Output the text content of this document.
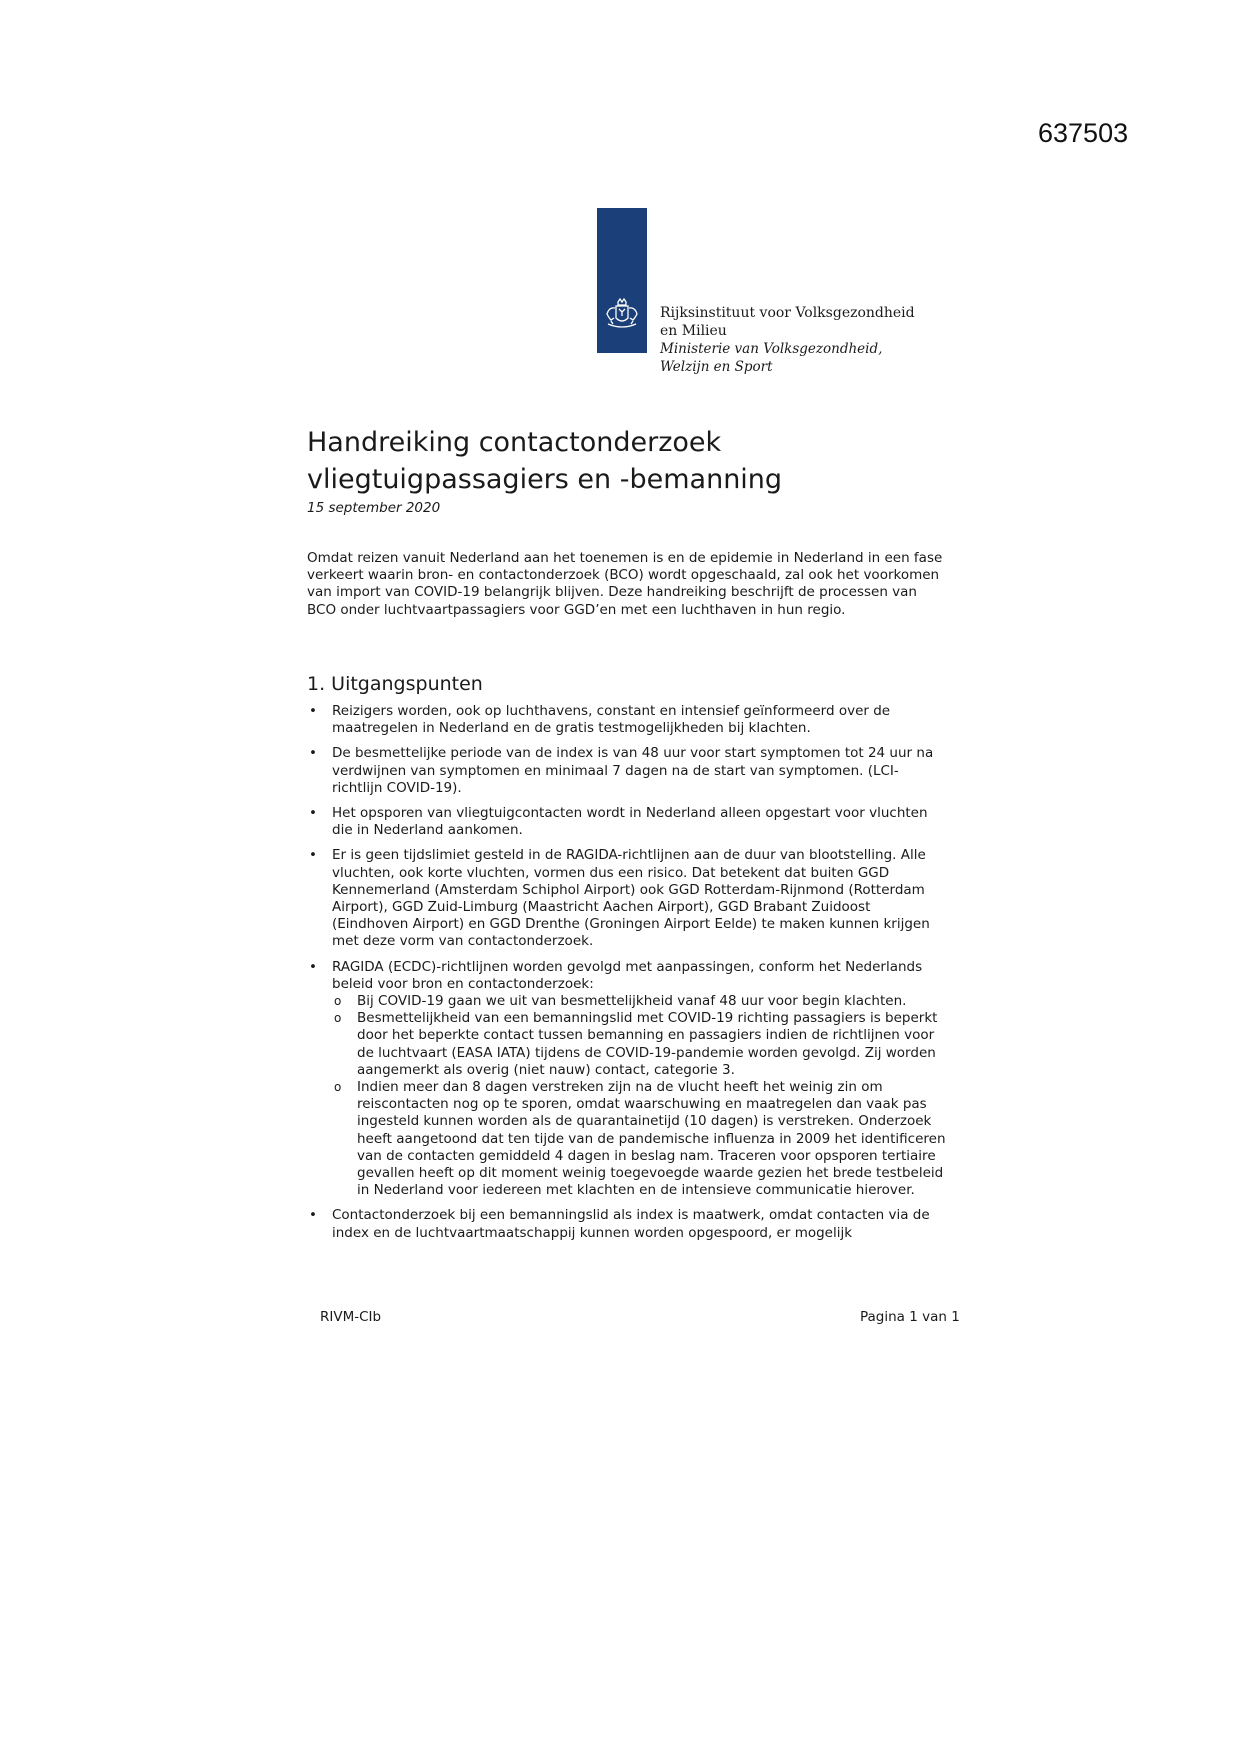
637503
Rijksinstituut voor Volksgezondheid
en Milieu
Ministerie van Volksgezondheid,
Welzijn en Sport
Handreiking contactonderzoek
vliegtuigpassagiers en -bemanning
15 september 2020

Omdat reizen vanuit Nederland aan het toenemen is en de epidemie in Nederland in een fase verkeert waarin bron- en contactonderzoek (BCO) wordt opgeschaald, zal ook het voorkomen van import van COVID-19 belangrijk blijven. Deze handreiking beschrijft de processen van BCO onder luchtvaartpassagiers voor GGD’en met een luchthaven in hun regio.

1. Uitgangspunten
• Reizigers worden, ook op luchthavens, constant en intensief geïnformeerd over de maatregelen in Nederland en de gratis testmogelijkheden bij klachten.
• De besmettelijke periode van de index is van 48 uur voor start symptomen tot 24 uur na verdwijnen van symptomen en minimaal 7 dagen na de start van symptomen. (LCI- richtlijn COVID-19).
• Het opsporen van vliegtuigcontacten wordt in Nederland alleen opgestart voor vluchten die in Nederland aankomen.
• Er is geen tijdslimiet gesteld in de RAGIDA-richtlijnen aan de duur van blootstelling. Alle vluchten, ook korte vluchten, vormen dus een risico. Dat betekent dat buiten GGD Kennemerland (Amsterdam Schiphol Airport) ook GGD Rotterdam-Rijnmond (Rotterdam Airport), GGD Zuid-Limburg (Maastricht Aachen Airport), GGD Brabant Zuidoost (Eindhoven Airport) en GGD Drenthe (Groningen Airport Eelde) te maken kunnen krijgen met deze vorm van contactonderzoek.
• RAGIDA (ECDC)-richtlijnen worden gevolgd met aanpassingen, conform het Nederlands beleid voor bron en contactonderzoek:
o Bij COVID-19 gaan we uit van besmettelijkheid vanaf 48 uur voor begin klachten.
o Besmettelijkheid van een bemanningslid met COVID-19 richting passagiers is beperkt door het beperkte contact tussen bemanning en passagiers indien de richtlijnen voor de luchtvaart (EASA IATA) tijdens de COVID-19-pandemie worden gevolgd. Zij worden aangemerkt als overig (niet nauw) contact, categorie 3.
o Indien meer dan 8 dagen verstreken zijn na de vlucht heeft het weinig zin om reiscontacten nog op te sporen, omdat waarschuwing en maatregelen dan vaak pas ingesteld kunnen worden als de quarantainetijd (10 dagen) is verstreken. Onderzoek heeft aangetoond dat ten tijde van de pandemische influenza in 2009 het identificeren van de contacten gemiddeld 4 dagen in beslag nam. Traceren voor opsporen tertiaire gevallen heeft op dit moment weinig toegevoegde waarde gezien het brede testbeleid in Nederland voor iedereen met klachten en de intensieve communicatie hierover.
• Contactonderzoek bij een bemanningslid als index is maatwerk, omdat contacten via de index en de luchtvaartmaatschappij kunnen worden opgespoord, er mogelijk
RIVM-CIb	Pagina 1 van 1
